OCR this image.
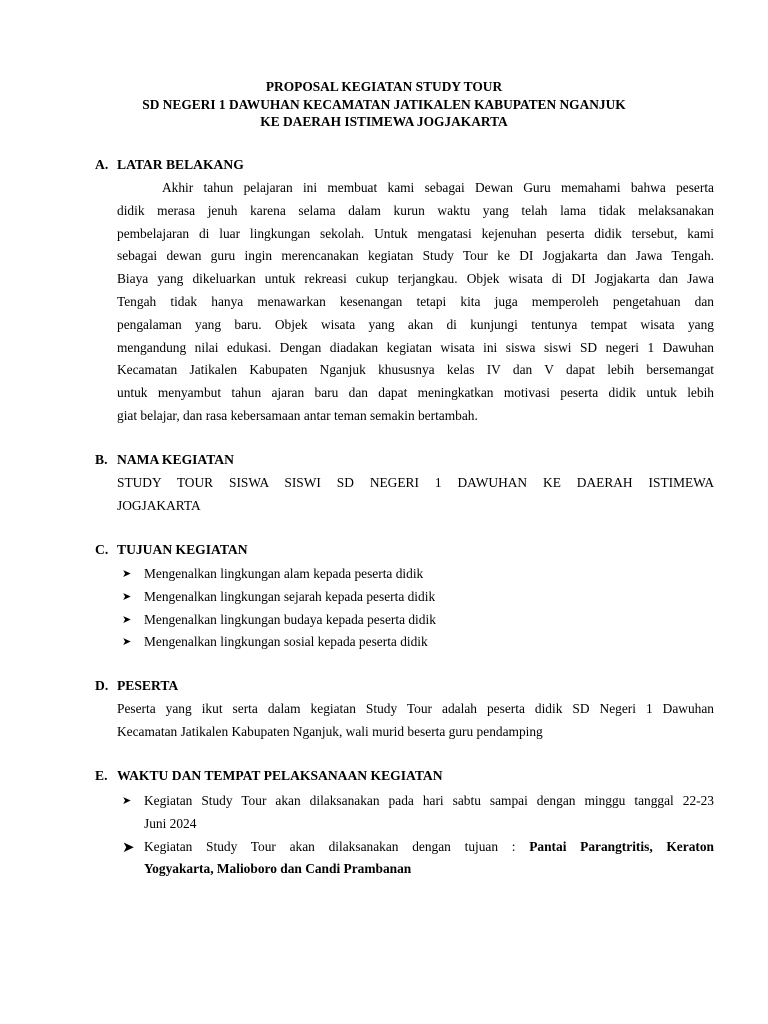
PROPOSAL KEGIATAN STUDY TOUR
SD NEGERI 1 DAWUHAN KECAMATAN JATIKALEN KABUPATEN NGANJUK
KE DAERAH ISTIMEWA JOGJAKARTA
A. LATAR BELAKANG
Akhir tahun pelajaran ini membuat kami sebagai Dewan Guru memahami bahwa peserta
didik merasa jenuh karena selama dalam kurun waktu yang telah lama tidak melaksanakan
pembelajaran di luar lingkungan sekolah. Untuk mengatasi kejenuhan peserta didik tersebut, kami
sebagai dewan guru ingin merencanakan kegiatan Study Tour ke DI Jogjakarta dan Jawa Tengah.
Biaya yang dikeluarkan untuk rekreasi cukup terjangkau. Objek wisata di DI Jogjakarta dan Jawa
Tengah tidak hanya menawarkan kesenangan tetapi kita juga memperoleh pengetahuan dan
pengalaman yang baru. Objek wisata yang akan di kunjungi tentunya tempat wisata yang
mengandung nilai edukasi. Dengan diadakan kegiatan wisata ini siswa siswi SD negeri 1 Dawuhan
Kecamatan Jatikalen Kabupaten Nganjuk khususnya kelas IV dan V dapat lebih bersemangat
untuk menyambut tahun ajaran baru dan dapat meningkatkan motivasi peserta didik untuk lebih
giat belajar, dan rasa kebersamaan antar teman semakin bertambah.
B. NAMA KEGIATAN
STUDY TOUR SISWA SISWI SD NEGERI 1 DAWUHAN KE DAERAH ISTIMEWA
JOGJAKARTA
C. TUJUAN KEGIATAN
➤ Mengenalkan lingkungan alam kepada peserta didik
➤ Mengenalkan lingkungan sejarah kepada peserta didik
➤ Mengenalkan lingkungan budaya kepada peserta didik
➤ Mengenalkan lingkungan sosial kepada peserta didik
D. PESERTA
Peserta yang ikut serta dalam kegiatan Study Tour adalah peserta didik SD Negeri 1 Dawuhan
Kecamatan Jatikalen Kabupaten Nganjuk, wali murid beserta guru pendamping
E. WAKTU DAN TEMPAT PELAKSANAAN KEGIATAN
➤ Kegiatan Study Tour akan dilaksanakan pada hari sabtu sampai dengan minggu tanggal 22-23
Juni 2024
➤ Kegiatan Study Tour akan dilaksanakan dengan tujuan : Pantai Parangtritis, Keraton
Yogyakarta, Malioboro dan Candi Prambanan
